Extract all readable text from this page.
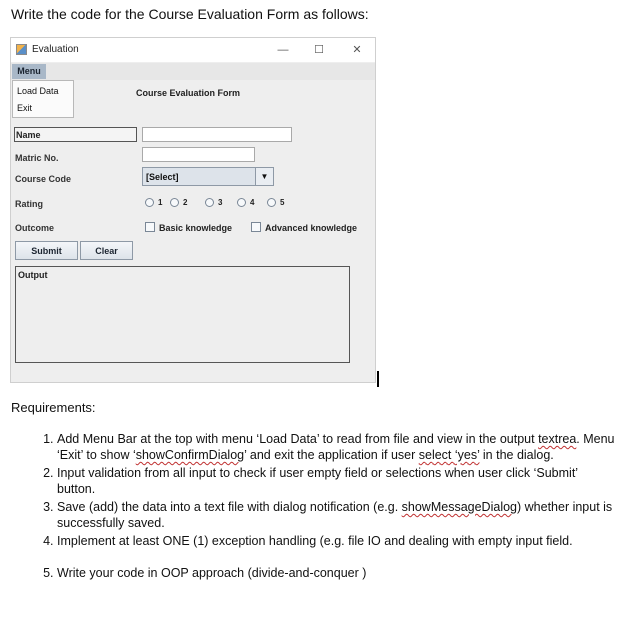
Write the code for the Course Evaluation Form as follows:
Evaluation	—	☐	✕
Menu
Load Data
Exit
Course Evaluation Form
Name
Matric No.
Course Code	[Select]	▼
Rating	1	2	3	4	5
Outcome	Basic knowledge	Advanced knowledge
Submit	Clear
Output
Requirements:
1. Add Menu Bar at the top with menu ‘Load Data’ to read from file and view in the output textrea. Menu ‘Exit’ to show ‘showConfirmDialog’ and exit the application if user select ‘yes’ in the dialog.
2. Input validation from all input to check if user empty field or selections when user click ‘Submit’ button.
3. Save (add) the data into a text file with dialog notification (e.g. showMessageDialog) whether input is successfully saved.
4. Implement at least ONE (1) exception handling (e.g. file IO and dealing with empty input field.
5. Write your code in OOP approach (divide-and-conquer )
